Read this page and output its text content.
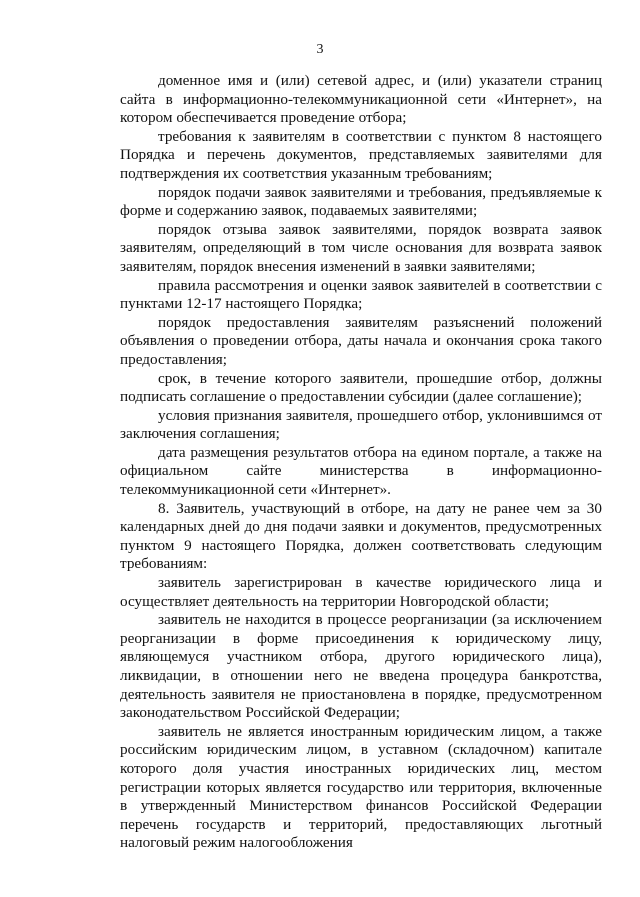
3

доменное имя и (или) сетевой адрес, и (или) указатели страниц сайта в информационно-телекоммуникационной сети «Интернет», на котором обеспечивается проведение отбора;

требования к заявителям в соответствии с пунктом 8 настоящего Порядка и перечень документов, представляемых заявителями для подтверждения их соответствия указанным требованиям;

порядок подачи заявок заявителями и требования, предъявляемые к форме и содержанию заявок, подаваемых заявителями;

порядок отзыва заявок заявителями, порядок возврата заявок заявителям, определяющий в том числе основания для возврата заявок заявителям, порядок внесения изменений в заявки заявителями;

правила рассмотрения и оценки заявок заявителей в соответствии с пунктами 12-17 настоящего Порядка;

порядок предоставления заявителям разъяснений положений объявления о проведении отбора, даты начала и окончания срока такого предоставления;

срок, в течение которого заявители, прошедшие отбор, должны подписать соглашение о предоставлении субсидии (далее соглашение);

условия признания заявителя, прошедшего отбор, уклонившимся от заключения соглашения;

дата размещения результатов отбора на едином портале, а также на официальном сайте министерства в информационно-телекоммуникационной сети «Интернет».

8. Заявитель, участвующий в отборе, на дату не ранее чем за 30 календарных дней до дня подачи заявки и документов, предусмотренных пунктом 9 настоящего Порядка, должен соответствовать следующим требованиям:

заявитель зарегистрирован в качестве юридического лица и осуществляет деятельность на территории Новгородской области;

заявитель не находится в процессе реорганизации (за исключением реорганизации в форме присоединения к юридическому лицу, являющемуся участником отбора, другого юридического лица), ликвидации, в отношении него не введена процедура банкротства, деятельность заявителя не приостановлена в порядке, предусмотренном законодательством Российской Федерации;

заявитель не является иностранным юридическим лицом, а также российским юридическим лицом, в уставном (складочном) капитале которого доля участия иностранных юридических лиц, местом регистрации которых является государство или территория, включенные в утвержденный Министерством финансов Российской Федерации перечень государств и территорий, предоставляющих льготный налоговый режим налогообложения
